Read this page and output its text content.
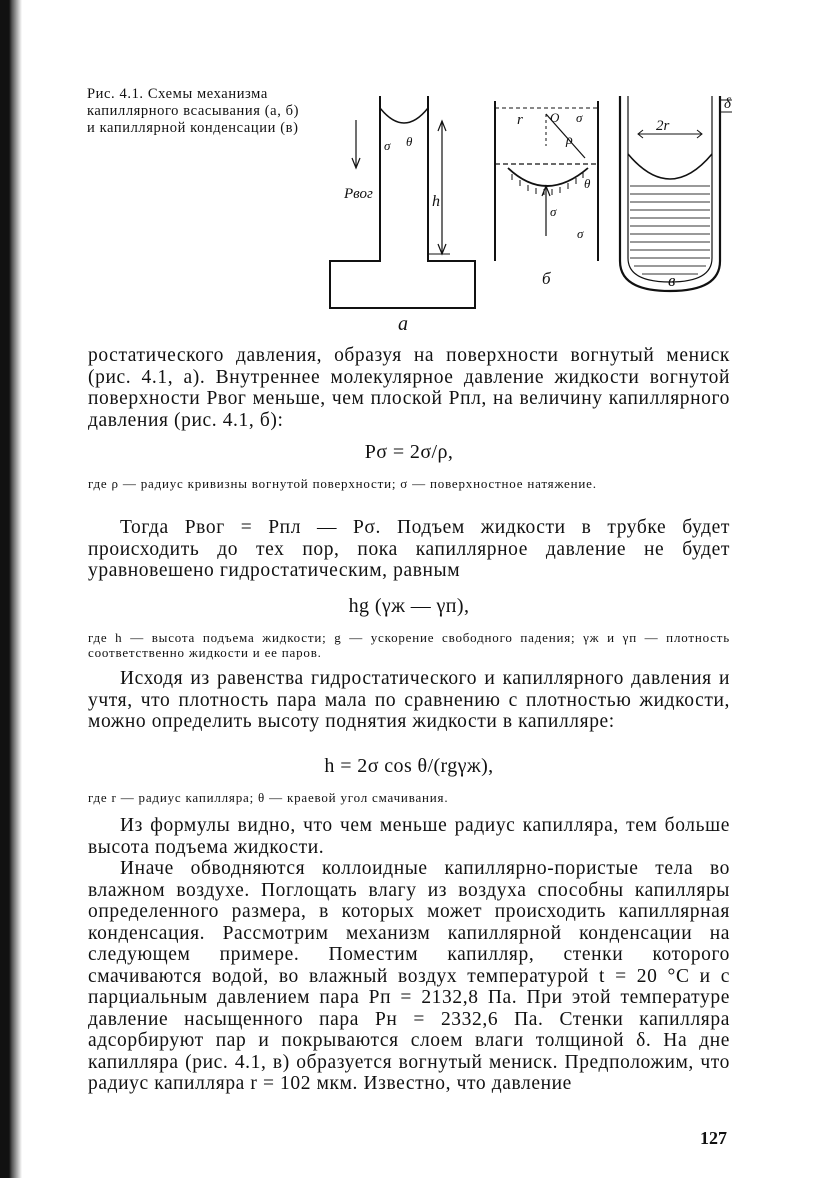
Рис. 4.1. Схемы механизма капиллярного всасывания (а, б) и капиллярной конденсации (в)
Pвог	h
σ θ
а
r O σ
ρ
θ
σ
σ
б
2r
δ
в
ростатического давления, образуя на поверхности вогнутый мениск (рис. 4.1, а). Внутреннее молекулярное давление жидкости вогнутой поверхности Pвог меньше, чем плоской Pпл, на величину капиллярного давления (рис. 4.1, б):
Pσ = 2σ/ρ,
где ρ — радиус кривизны вогнутой поверхности; σ — поверхностное натяжение.
Тогда Pвог = Pпл — Pσ. Подъем жидкости в трубке будет происходить до тех пор, пока капиллярное давление не будет уравновешено гидростатическим, равным
hg (γж — γп),
где h — высота подъема жидкости; g — ускорение свободного падения; γж и γп — плотность соответственно жидкости и ее паров.
Исходя из равенства гидростатического и капиллярного давления и учтя, что плотность пара мала по сравнению с плотностью жидкости, можно определить высоту поднятия жидкости в капилляре:
h = 2σ cos θ/(rgγж),
где r — радиус капилляра; θ — краевой угол смачивания.
Из формулы видно, что чем меньше радиус капилляра, тем больше высота подъема жидкости.
Иначе обводняются коллоидные капиллярно-пористые тела во влажном воздухе. Поглощать влагу из воздуха способны капилляры определенного размера, в которых может происходить капиллярная конденсация. Рассмотрим механизм капиллярной конденсации на следующем примере. Поместим капилляр, стенки которого смачиваются водой, во влажный воздух температурой t = 20 °С и с парциальным давлением пара Pп = 2132,8 Па. При этой температуре давление насыщенного пара Pн = 2332,6 Па. Стенки капилляра адсорбируют пар и покрываются слоем влаги толщиной δ. На дне капилляра (рис. 4.1, в) образуется вогнутый мениск. Предположим, что радиус капилляра r = 102 мкм. Известно, что давление
127
